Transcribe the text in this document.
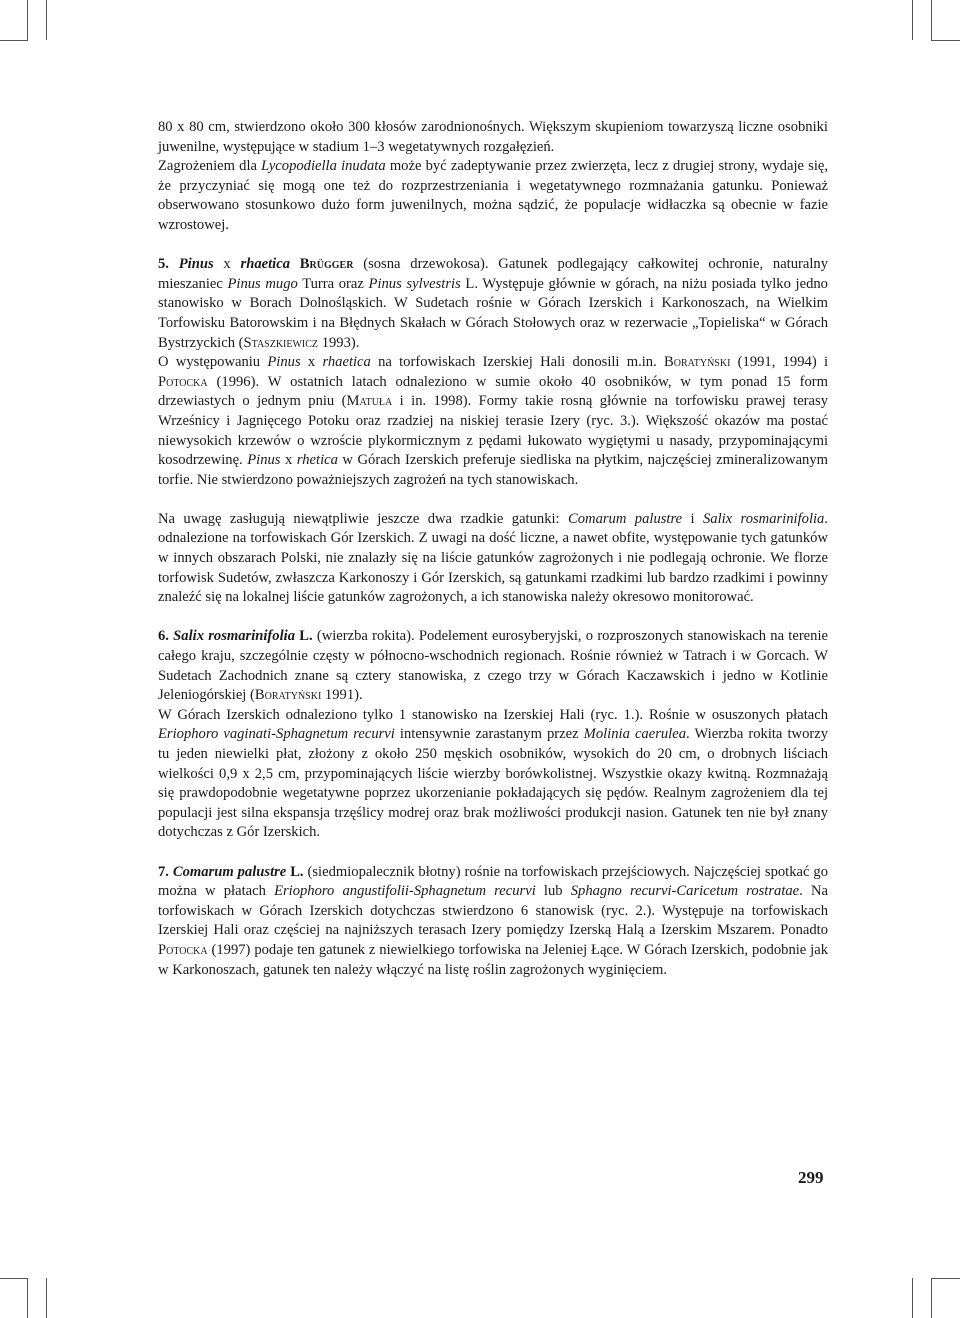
80 x 80 cm, stwierdzono około 300 kłosów zarodnionośnych. Większym skupieniom towarzyszą liczne osobniki juwenilne, występujące w stadium 1–3 wegetatywnych rozgałęzień.

Zagrożeniem dla Lycopodiella inudata może być zadeptywanie przez zwierzęta, lecz z drugiej strony, wydaje się, że przyczyniać się mogą one też do rozprzestrzeniania i wegetatywnego rozmnażania gatunku. Ponieważ obserwowano stosunkowo dużo form juwenilnych, można sądzić, że populacje widłaczka są obecnie w fazie wzrostowej.

5. Pinus x rhaetica Brügger (sosna drzewokosa). Gatunek podlegający całkowitej ochronie, naturalny mieszaniec Pinus mugo Turra oraz Pinus sylvestris L. Występuje głównie w górach, na niżu posiada tylko jedno stanowisko w Borach Dolnośląskich. W Sudetach rośnie w Górach Izerskich i Karkonoszach, na Wielkim Torfowisku Batorowskim i na Błędnych Skałach w Górach Stołowych oraz w rezerwacie „Topieliska“ w Górach Bystrzyckich (Staszkiewicz 1993).

O występowaniu Pinus x rhaetica na torfowiskach Izerskiej Hali donosili m.in. Boratyński (1991, 1994) i Potocka (1996). W ostatnich latach odnaleziono w sumie około 40 osobników, w tym ponad 15 form drzewiastych o jednym pniu (Matuła i in. 1998). Formy takie rosną głównie na torfowisku prawej terasy Wrześnicy i Jagnięcego Potoku oraz rzadziej na niskiej terasie Izery (ryc. 3.). Większość okazów ma postać niewysokich krzewów o wzroście plykormicznym z pędami łukowato wygiętymi u nasady, przypominającymi kosodrzewinę. Pinus x rhetica w Górach Izerskich preferuje siedliska na płytkim, najczęściej zmineralizowanym torfie. Nie stwierdzono poważniejszych zagrożeń na tych stanowiskach.

Na uwagę zasługują niewątpliwie jeszcze dwa rzadkie gatunki: Comarum palustre i Salix rosmarinifolia. odnalezione na torfowiskach Gór Izerskich. Z uwagi na dość liczne, a nawet obfite, występowanie tych gatunków w innych obszarach Polski, nie znalazły się na liście gatunków zagrożonych i nie podlegają ochronie. We florze torfowisk Sudetów, zwłaszcza Karkonoszy i Gór Izerskich, są gatunkami rzadkimi lub bardzo rzadkimi i powinny znaleźć się na lokalnej liście gatunków zagrożonych, a ich stanowiska należy okresowo monitorować.

6. Salix rosmarinifolia L. (wierzba rokita). Podelement eurosyberyjski, o rozproszonych stanowiskach na terenie całego kraju, szczególnie częsty w północno-wschodnich regionach. Rośnie również w Tatrach i w Gorcach. W Sudetach Zachodnich znane są cztery stanowiska, z czego trzy w Górach Kaczawskich i jedno w Kotlinie Jeleniogórskiej (Boratyński 1991).

W Górach Izerskich odnaleziono tylko 1 stanowisko na Izerskiej Hali (ryc. 1.). Rośnie w osuszonych płatach Eriophoro vaginati-Sphagnetum recurvi intensywnie zarastanym przez Molinia caerulea. Wierzba rokita tworzy tu jeden niewielki płat, złożony z około 250 męskich osobników, wysokich do 20 cm, o drobnych liściach wielkości 0,9 x 2,5 cm, przypominających liście wierzby borówkolistnej. Wszystkie okazy kwitną. Rozmnażają się prawdopodobnie wegetatywne poprzez ukorzenianie pokładających się pędów. Realnym zagrożeniem dla tej populacji jest silna ekspansja trzęślicy modrej oraz brak możliwości produkcji nasion. Gatunek ten nie był znany dotychczas z Gór Izerskich.

7. Comarum palustre L. (siedmiopalecznik błotny) rośnie na torfowiskach przejściowych. Najczęściej spotkać go można w płatach Eriophoro angustifolii-Sphagnetum recurvi lub Sphagno recurvi-Caricetum rostratae. Na torfowiskach w Górach Izerskich dotychczas stwierdzono 6 stanowisk (ryc. 2.). Występuje na torfowiskach Izerskiej Hali oraz częściej na najniższych terasach Izery pomiędzy Izerską Halą a Izerskim Mszarem. Ponadto Potocka (1997) podaje ten gatunek z niewielkiego torfowiska na Jeleniej Łące. W Górach Izerskich, podobnie jak w Karkonoszach, gatunek ten należy włączyć na listę roślin zagrożonych wyginięciem.

299
